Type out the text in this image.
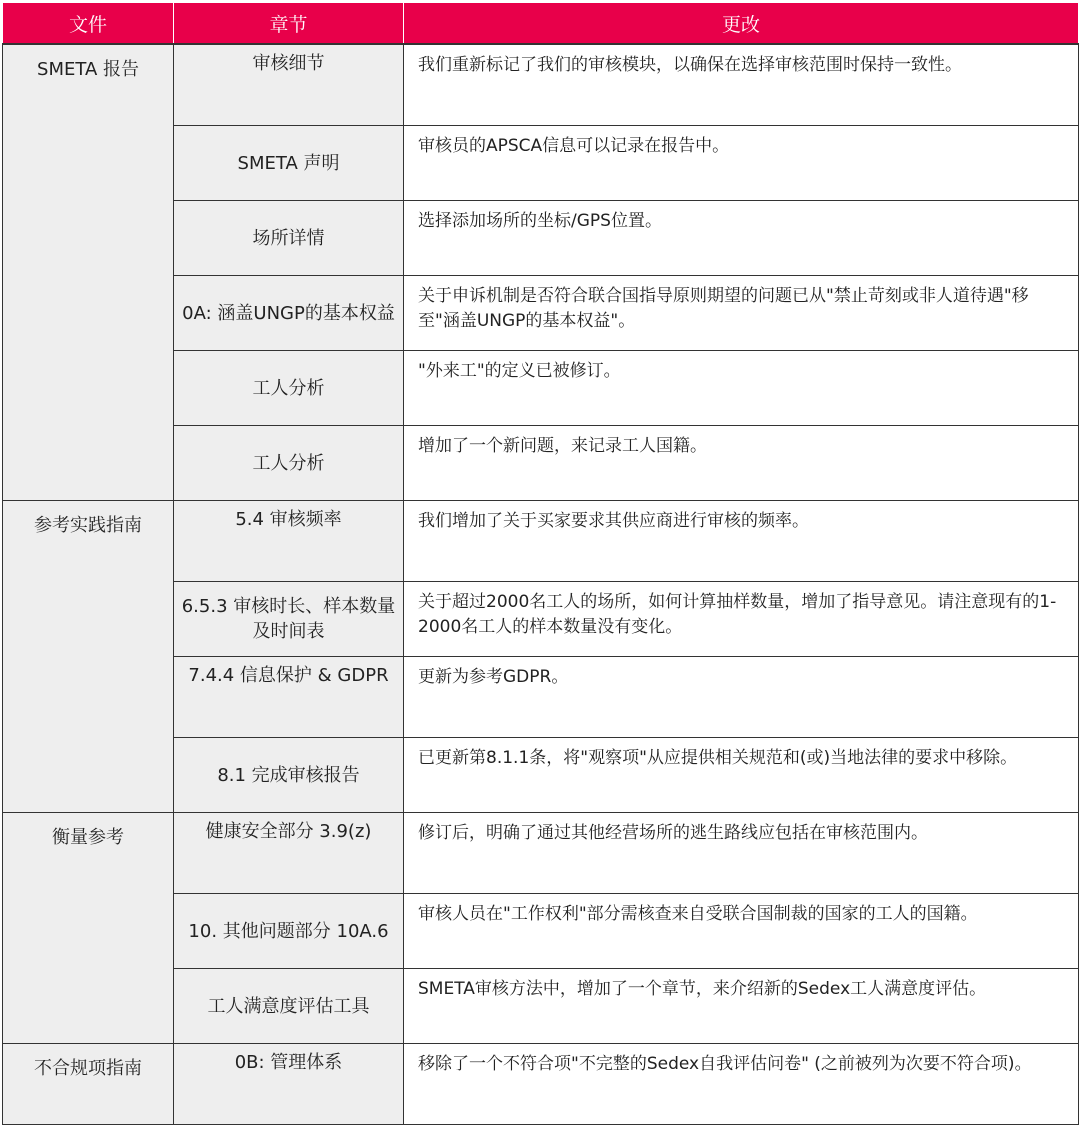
文件	章节	更改
SMETA 报告	审核细节	我们重新标记了我们的审核模块，以确保在选择审核范围时保持一致性。
	SMETA 声明	审核员的APSCA信息可以记录在报告中。
	场所详情	选择添加场所的坐标/GPS位置。
	0A: 涵盖UNGP的基本权益	关于申诉机制是否符合联合国指导原则期望的问题已从"禁止苛刻或非人道待遇"移至"涵盖UNGP的基本权益"。
	工人分析	"外来工"的定义已被修订。
	工人分析	增加了一个新问题，来记录工人国籍。
参考实践指南	5.4 审核频率	我们增加了关于买家要求其供应商进行审核的频率。
	6.5.3 审核时长、样本数量及时间表	关于超过2000名工人的场所，如何计算抽样数量，增加了指导意见。请注意现有的1-2000名工人的样本数量没有变化。
	7.4.4 信息保护 & GDPR	更新为参考GDPR。
	8.1 完成审核报告	已更新第8.1.1条，将"观察项"从应提供相关规范和(或)当地法律的要求中移除。
衡量参考	健康安全部分 3.9(z)	修订后，明确了通过其他经营场所的逃生路线应包括在审核范围内。
	10. 其他问题部分 10A.6	审核人员在"工作权利"部分需核查来自受联合国制裁的国家的工人的国籍。
	工人满意度评估工具	SMETA审核方法中，增加了一个章节，来介绍新的Sedex工人满意度评估。
不合规项指南	0B: 管理体系	移除了一个不符合项"不完整的Sedex自我评估问卷" (之前被列为次要不符合项)。
